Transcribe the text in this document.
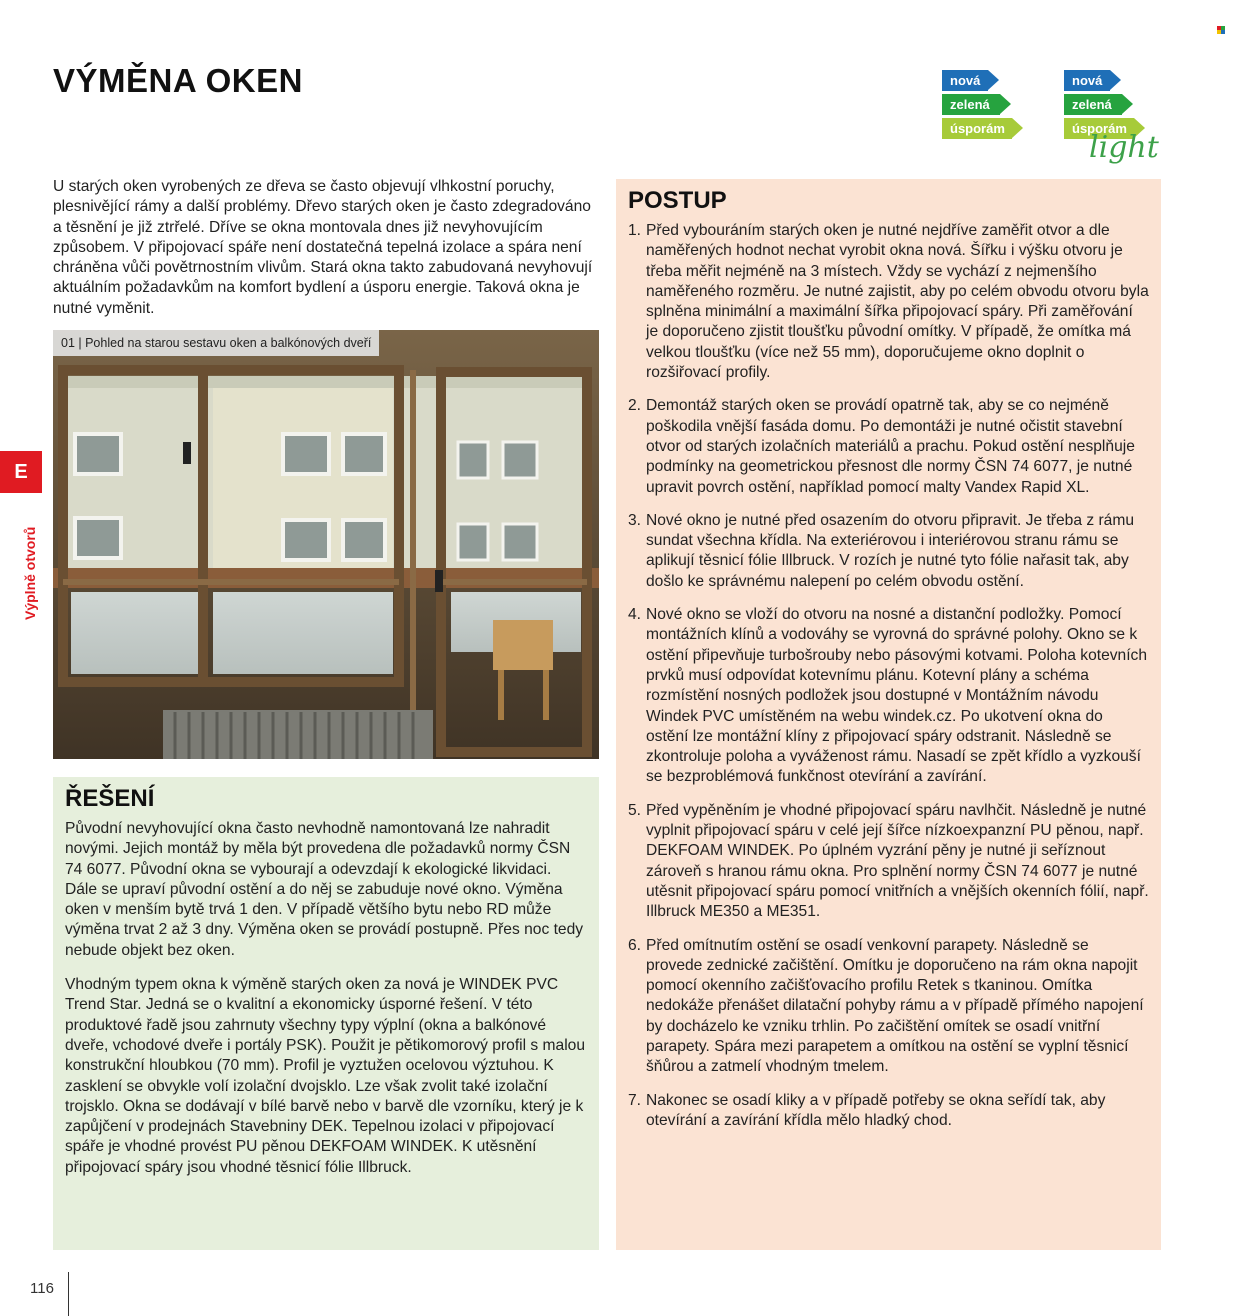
VÝMĚNA OKEN	nová
zelená
úsporám
nová
zelená
úsporám
light
E
Výplně otvorů

U starých oken vyrobených ze dřeva se často objevují vlhkostní poruchy, plesnivějící rámy a další problémy. Dřevo starých oken je často zdegradováno a těsnění je již ztrřelé. Dříve se okna montovala dnes již nevyhovujícím způsobem. V připojovací spáře není dostatečná tepelná izolace a spára není chráněna vůči povětrnostním vlivům. Stará okna takto zabudovaná nevyhovují aktuálním požadavkům na komfort bydlení a úsporu energie. Taková okna je nutné vyměnit.

01 | Pohled na starou sestavu oken a balkónových dveří
ŘEŠENÍ

Původní nevyhovující okna často nevhodně namontovaná lze nahradit novými. Jejich montáž by měla být provedena dle požadavků normy ČSN 74 6077. Původní okna se vybourají a odevzdají k ekologické likvidaci. Dále se upraví původní ostění a do něj se zabuduje nové okno. Výměna oken v menším bytě trvá 1 den. V případě většího bytu nebo RD může výměna trvat 2 až 3 dny. Výměna oken se provádí postupně. Přes noc tedy nebude objekt bez oken.

Vhodným typem okna k výměně starých oken za nová je WINDEK PVC Trend Star. Jedná se o kvalitní a ekonomicky úsporné řešení. V této produktové řadě jsou zahrnuty všechny typy výplní (okna a balkónové dveře, vchodové dveře i portály PSK). Použit je pětikomorový profil s malou konstrukční hloubkou (70 mm). Profil je vyztužen ocelovou výztuhou. K zasklení se obvykle volí izolační dvojsklo. Lze však zvolit také izolační trojsklo. Okna se dodávají v bílé barvě nebo v barvě dle vzorníku, který je k zapůjčení v prodejnách Stavebniny DEK. Tepelnou izolaci v připojovací spáře je vhodné provést PU pěnou DEKFOAM WINDEK. K utěsnění připojovací spáry jsou vhodné těsnicí fólie Illbruck.

POSTUP
1. Před vybouráním starých oken je nutné nejdříve zaměřit otvor a dle naměřených hodnot nechat vyrobit okna nová. Šířku i výšku otvoru je třeba měřit nejméně na 3 místech. Vždy se vychází z nejmenšího naměřeného rozměru. Je nutné zajistit, aby po celém obvodu otvoru byla splněna minimální a maximální šířka připojovací spáry. Při zaměřování je doporučeno zjistit tloušťku původní omítky. V případě, že omítka má velkou tloušťku (více než 55 mm), doporučujeme okno doplnit o rozšiřovací profily.
2. Demontáž starých oken se provádí opatrně tak, aby se co nejméně poškodila vnější fasáda domu. Po demontáži je nutné očistit stavební otvor od starých izolačních materiálů a prachu. Pokud ostění nesplňuje podmínky na geometrickou přesnost dle normy ČSN 74 6077, je nutné upravit povrch ostění, například pomocí malty Vandex Rapid XL.
3. Nové okno je nutné před osazením do otvoru připravit. Je třeba z rámu sundat všechna křídla. Na exteriérovou i interiérovou stranu rámu se aplikují těsnicí fólie Illbruck. V rozích je nutné tyto fólie nařasit tak, aby došlo ke správnému nalepení po celém obvodu ostění.
4. Nové okno se vloží do otvoru na nosné a distanční podložky. Pomocí montážních klínů a vodováhy se vyrovná do správné polohy. Okno se k ostění připevňuje turbošrouby nebo pásovými kotvami. Poloha kotevních prvků musí odpovídat kotevnímu plánu. Kotevní plány a schéma rozmístění nosných podložek jsou dostupné v Montážním návodu Windek PVC umístěném na webu windek.cz. Po ukotvení okna do ostění lze montážní klíny z připojovací spáry odstranit. Následně se zkontroluje poloha a vyváženost rámu. Nasadí se zpět křídlo a vyzkouší se bezproblémová funkčnost otevírání a zavírání.
5. Před vypěněním je vhodné připojovací spáru navlhčit. Následně je nutné vyplnit připojovací spáru v celé její šířce nízkoexpanzní PU pěnou, např. DEKFOAM WINDEK. Po úplném vyzrání pěny je nutné ji seříznout zároveň s hranou rámu okna. Pro splnění normy ČSN 74 6077 je nutné utěsnit připojovací spáru pomocí vnitřních a vnějších okenních fólií, např. Illbruck ME350 a ME351.
6. Před omítnutím ostění se osadí venkovní parapety. Následně se provede zednické začištění. Omítku je doporučeno na rám okna napojit pomocí okenního začišťovacího profilu Retek s tkaninou. Omítka nedokáže přenášet dilatační pohyby rámu a v případě přímého napojení by docházelo ke vzniku trhlin. Po začištění omítek se osadí vnitřní parapety. Spára mezi parapetem a omítkou na ostění se vyplní těsnicí šňůrou a zatmelí vhodným tmelem.
7. Nakonec se osadí kliky a v případě potřeby se okna seřídí tak, aby otevírání a zavírání křídla mělo hladký chod.
116
